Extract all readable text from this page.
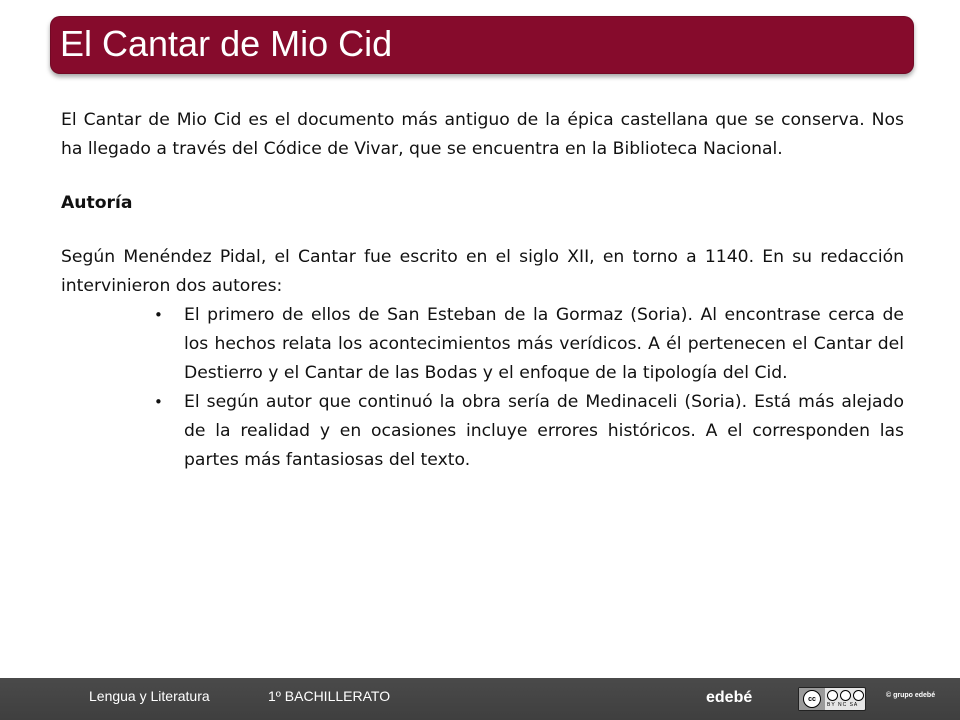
El Cantar de Mio Cid

El Cantar de Mio Cid es el documento más antiguo de la épica castellana que se conserva. Nos ha llegado a través del Códice de Vivar, que se encuentra en la Biblioteca Nacional.

Autoría

Según Menéndez Pidal, el Cantar fue escrito en el siglo XII, en torno a 1140. En su redacción intervinieron dos autores:

• El primero de ellos de San Esteban de la Gormaz (Soria). Al encontrase cerca de los hechos relata los acontecimientos más verídicos. A él pertenecen el Cantar del Destierro y el Cantar de las Bodas y el enfoque de la tipología del Cid.
• El según autor que continuó la obra sería de Medinaceli (Soria). Está más alejado de la realidad y en ocasiones incluye errores históricos. A el corresponden las partes más fantasiosas del texto.
Lengua y Literatura	1º BACHILLERATO	edebé	cc
BY NC SA
© grupo edebé
